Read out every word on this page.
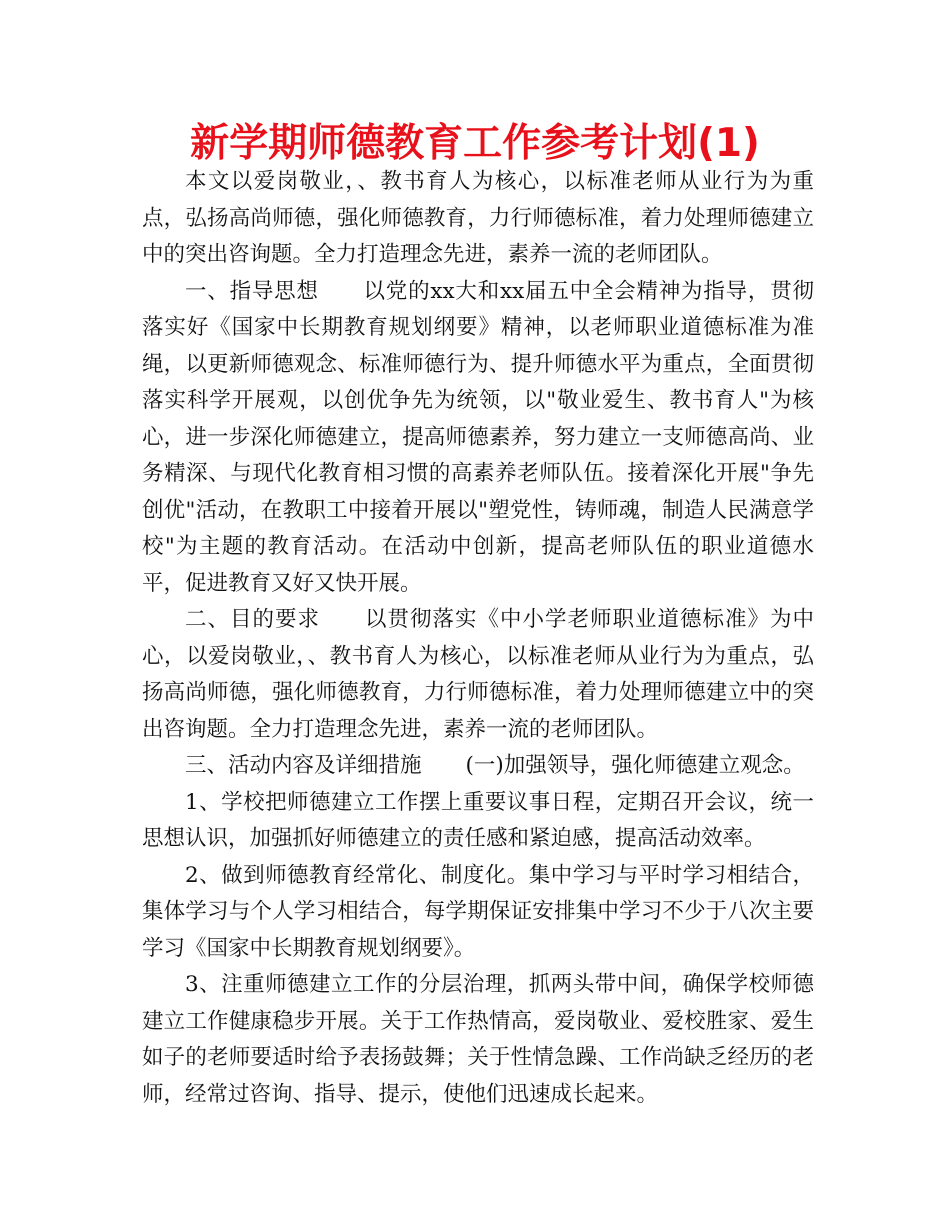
新学期师德教育工作参考计划(1)

本文以爱岗敬业，、教书育人为核心，以标准老师从业行为为重点，弘扬高尚师德，强化师德教育，力行师德标准，着力处理师德建立中的突出咨询题。全力打造理念先进，素养一流的老师团队。

一、指导思想 以党的xx大和xx届五中全会精神为指导，贯彻落实好《国家中长期教育规划纲要》精神，以老师职业道德标准为准绳，以更新师德观念、标准师德行为、提升师德水平为重点，全面贯彻落实科学开展观，以创优争先为统领，以"敬业爱生、教书育人"为核心，进一步深化师德建立，提高师德素养，努力建立一支师德高尚、业务精深、与现代化教育相习惯的高素养老师队伍。接着深化开展"争先创优"活动，在教职工中接着开展以"塑党性，铸师魂，制造人民满意学校"为主题的教育活动。在活动中创新，提高老师队伍的职业道德水平，促进教育又好又快开展。

二、目的要求 以贯彻落实《中小学老师职业道德标准》为中心，以爱岗敬业，、教书育人为核心，以标准老师从业行为为重点，弘扬高尚师德，强化师德教育，力行师德标准，着力处理师德建立中的突出咨询题。全力打造理念先进，素养一流的老师团队。

三、活动内容及详细措施 (一)加强领导，强化师德建立观念。

1、学校把师德建立工作摆上重要议事日程，定期召开会议，统一思想认识，加强抓好师德建立的责任感和紧迫感，提高活动效率。

2、做到师德教育经常化、制度化。集中学习与平时学习相结合，集体学习与个人学习相结合，每学期保证安排集中学习不少于八次主要学习《国家中长期教育规划纲要》。

3、注重师德建立工作的分层治理，抓两头带中间，确保学校师德建立工作健康稳步开展。关于工作热情高，爱岗敬业、爱校胜家、爱生如子的老师要适时给予表扬鼓舞；关于性情急躁、工作尚缺乏经历的老师，经常过咨询、指导、提示，使他们迅速成长起来。
